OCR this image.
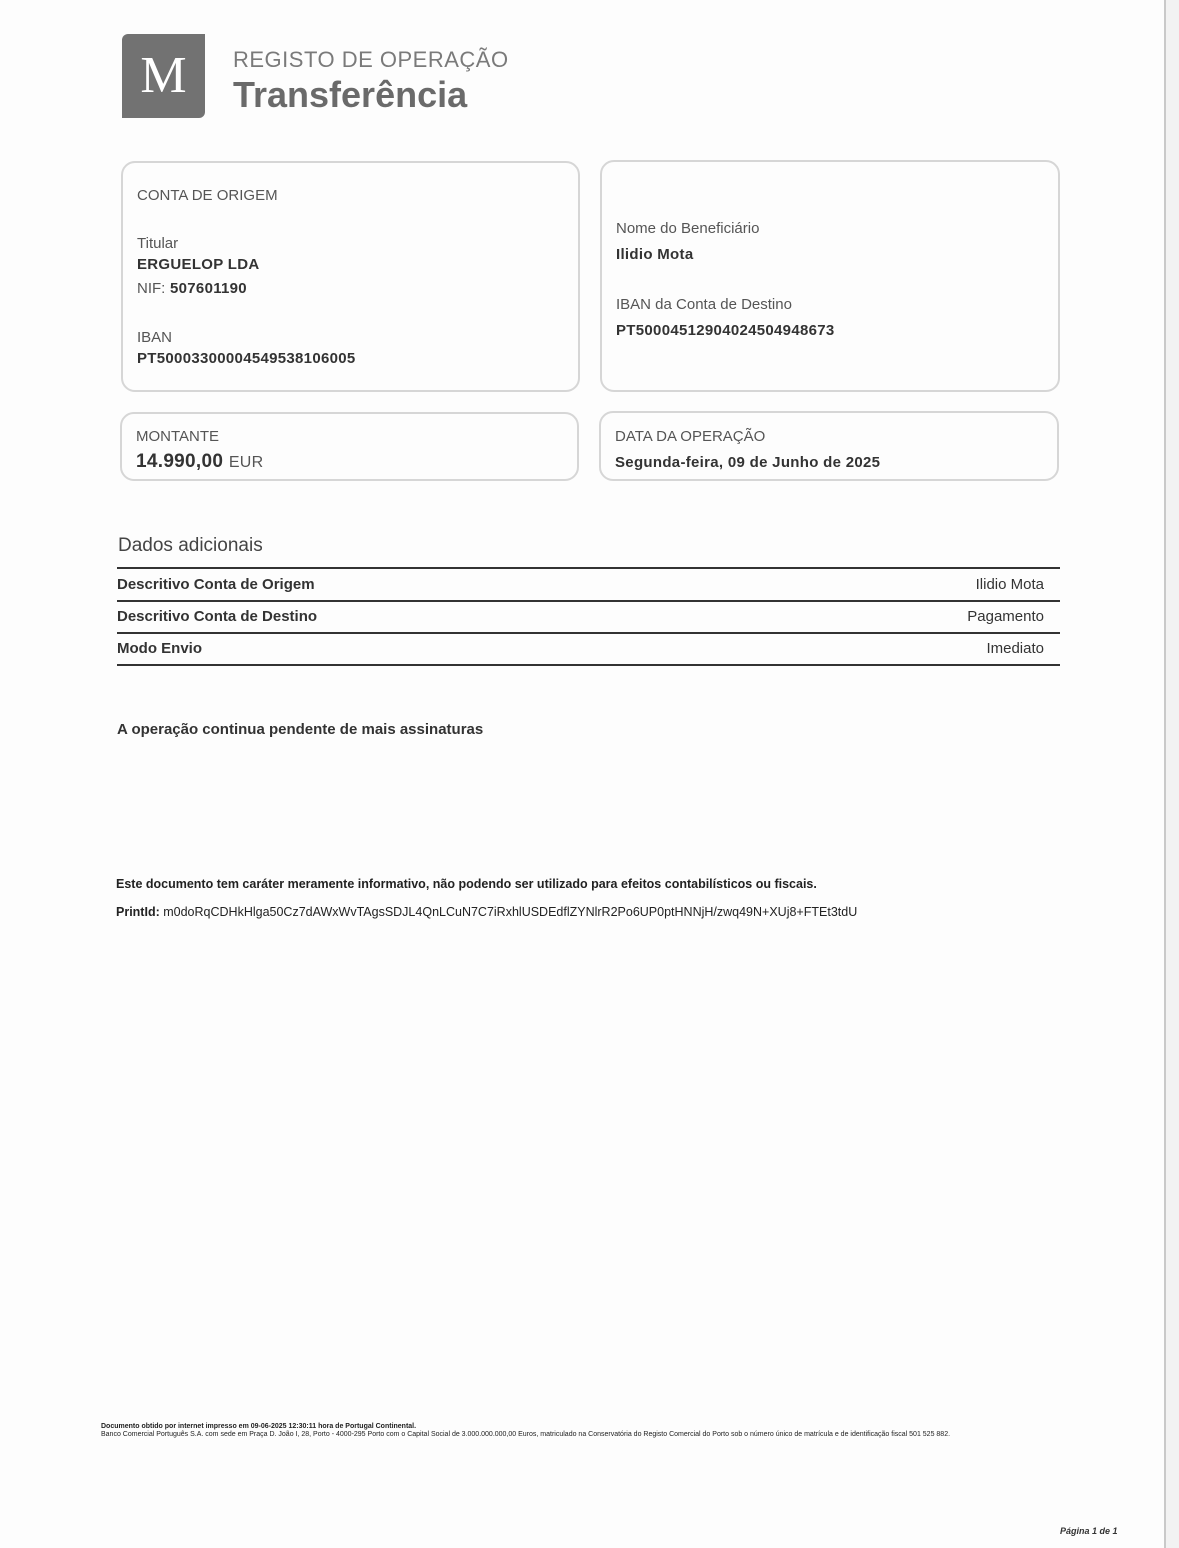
M REGISTO DE OPERAÇÃO
Transferência
CONTA DE ORIGEM
Titular
ERGUELOP LDA
NIF: 507601190
IBAN
PT50003300004549538106005
Nome do Beneficiário
Ilidio Mota
IBAN da Conta de Destino
PT50004512904024504948673
MONTANTE
14.990,00 EUR
DATA DA OPERAÇÃO
Segunda-feira, 09 de Junho de 2025
Dados adicionais
Descritivo Conta de Origem	Ilidio Mota
Descritivo Conta de Destino	Pagamento
Modo Envio	Imediato
A operação continua pendente de mais assinaturas
Este documento tem caráter meramente informativo, não podendo ser utilizado para efeitos contabilísticos ou fiscais.
PrintId: m0doRqCDHkHlga50Cz7dAWxWvTAgsSDJL4QnLCuN7C7iRxhlUSDEdflZYNlrR2Po6UP0ptHNNjH/zwq49N+XUj8+FTEt3tdU
Documento obtido por internet impresso em 09-06-2025 12:30:11 hora de Portugal Continental.
Banco Comercial Português S.A. com sede em Praça D. João I, 28, Porto - 4000-295 Porto com o Capital Social de 3.000.000.000,00 Euros, matriculado na Conservatória do Registo Comercial do Porto sob o número único de matrícula e de identificação fiscal 501 525 882.
Página 1 de 1
